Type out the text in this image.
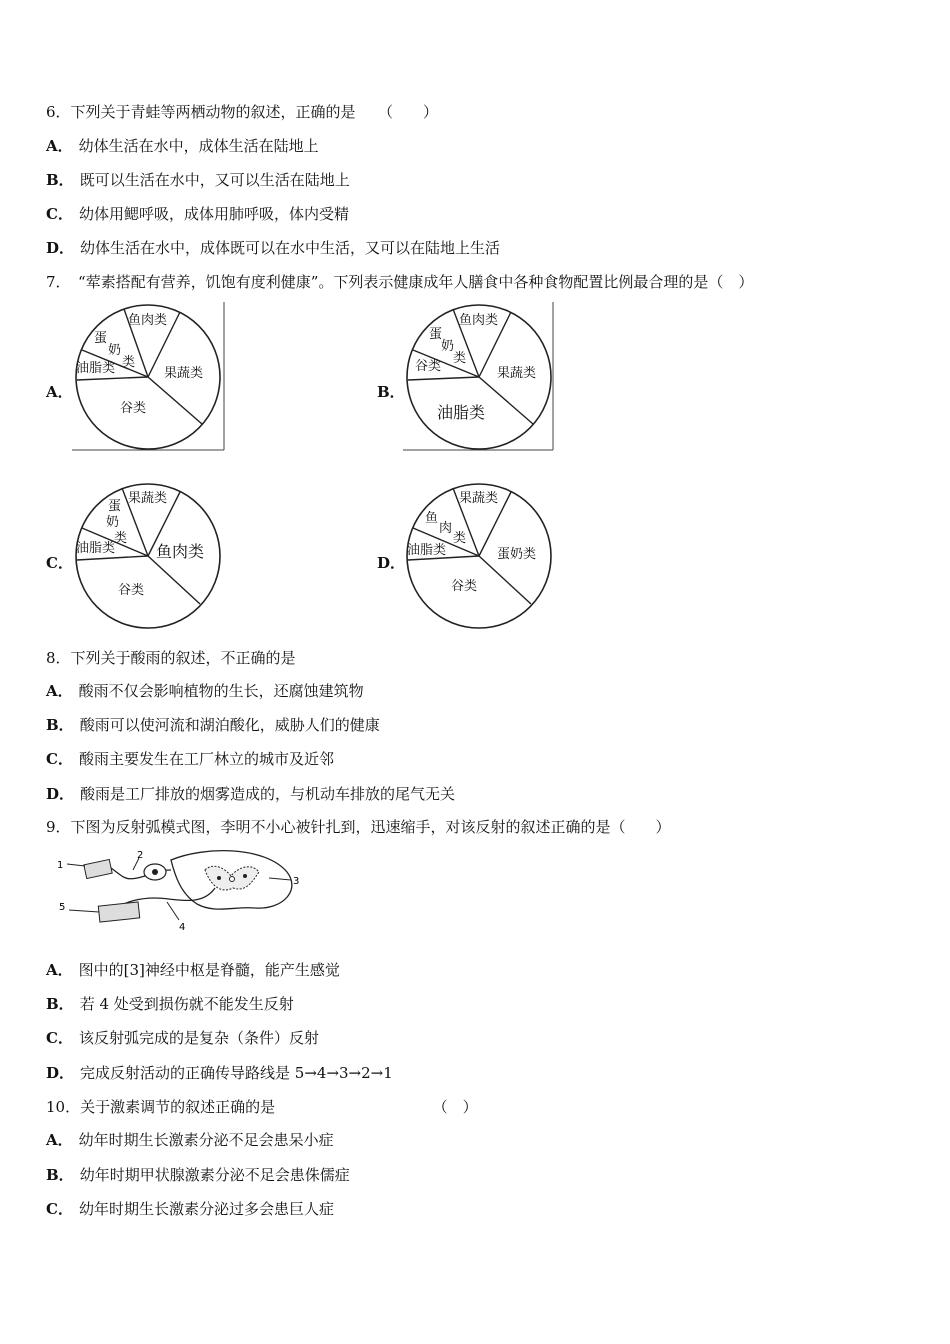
6．下列关于青蛙等两栖动物的叙述，正确的是　　（　　）
A． 幼体生活在水中，成体生活在陆地上
B． 既可以生活在水中，又可以生活在陆地上
C． 幼体用鳃呼吸，成体用肺呼吸，体内受精
D． 幼体生活在水中，成体既可以在水中生活，又可以在陆地上生活
7．　“荤素搭配有营养，饥饱有度利健康”。下列表示健康成年人膳食中各种食物配置比例最合理的是（　）
A．
鱼肉类
蛋
奶
类
油脂类	果蔬类
谷类
B．
鱼肉类
蛋
奶
类
谷类	果蔬类
油脂类
C．
果蔬类
蛋
奶
类
油脂类	鱼肉类
谷类
D．
果蔬类
鱼
肉
类
油脂类	蛋奶类
谷类
8．下列关于酸雨的叙述，不正确的是
A． 酸雨不仅会影响植物的生长，还腐蚀建筑物
B． 酸雨可以使河流和湖泊酸化，威胁人们的健康
C． 酸雨主要发生在工厂林立的城市及近邻
D． 酸雨是工厂排放的烟雾造成的，与机动车排放的尾气无关
9．下图为反射弧模式图，李明不小心被针扎到，迅速缩手，对该反射的叙述正确的是（　　）
1
2
3
4
5
A． 图中的[3]神经中枢是脊髓，能产生感觉
B． 若 4 处受到损伤就不能发生反射
C． 该反射弧完成的是复杂（条件）反射
D． 完成反射活动的正确传导路线是 5→4→3→2→1
10．关于激素调节的叙述正确的是　　　　　　　　　　　（　）
A． 幼年时期生长激素分泌不足会患呆小症
B． 幼年时期甲状腺激素分泌不足会患侏儒症
C． 幼年时期生长激素分泌过多会患巨人症
